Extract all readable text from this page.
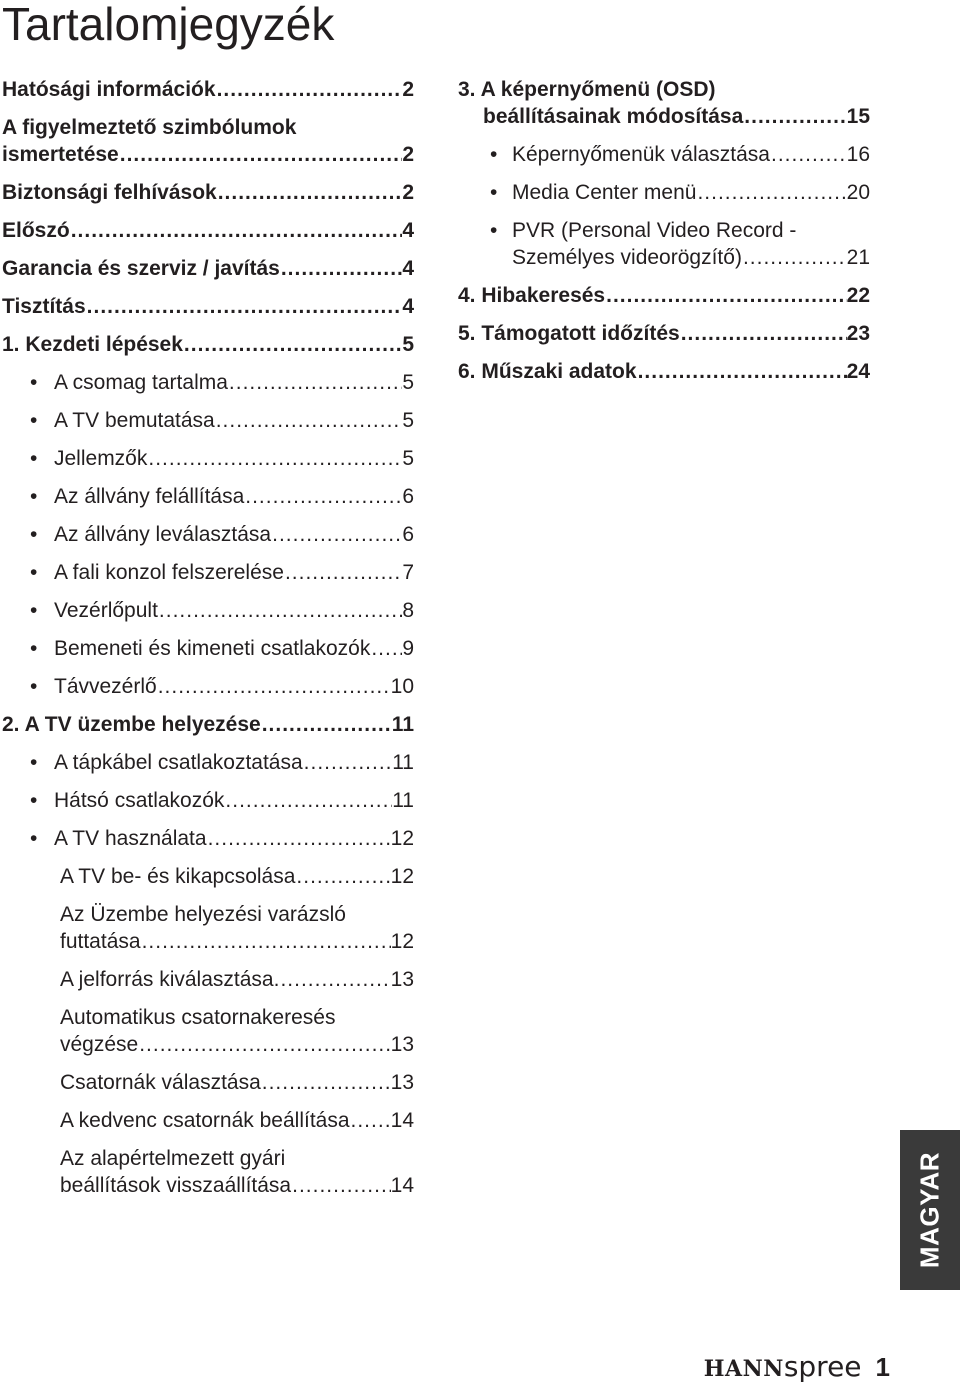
Tartalomjegyzék
Hatósági információk .....	2
A figyelmeztető szimbólumok
ismertetése .....	2
Biztonsági felhívások .....	2
Előszó .....	4
Garancia és szerviz / javítás .....	4
Tisztítás .....	4
1. Kezdeti lépések .....	5
• A csomag tartalma .....	5
• A TV bemutatása .....	5
• Jellemzők .....	5
• Az állvány felállítása .....	6
• Az állvány leválasztása .....	6
• A fali konzol felszerelése .....	7
• Vezérlőpult .....	8
• Bemeneti és kimeneti csatlakozók ..... 9
• Távvezérlő .....	10
2. A TV üzembe helyezése .....	11
• A tápkábel csatlakoztatása .....	11
• Hátsó csatlakozók .....	11
• A TV használata .....	12
A TV be- és kikapcsolása .....	12
Az Üzembe helyezési varázsló
futtatása .....	12
A jelforrás kiválasztása. .....	13
Automatikus csatornakeresés
végzése .....	13
Csatornák választása .....	13
A kedvenc csatornák beállítása ..... 14
Az alapértelmezett gyári
beállítások visszaállítása .....	14
3. A képernyőmenü (OSD)
beállításainak módosítása .....	15
• Képernyőmenük választása .....	16
• Media Center menü .....	20
• PVR (Personal Video Record -
Személyes videorögzítő) .....	21
4. Hibakeresés .....	22
5. Támogatott időzítés .....	23
6. Műszaki adatok .....	24
MAGYAR
HANN spree 1
